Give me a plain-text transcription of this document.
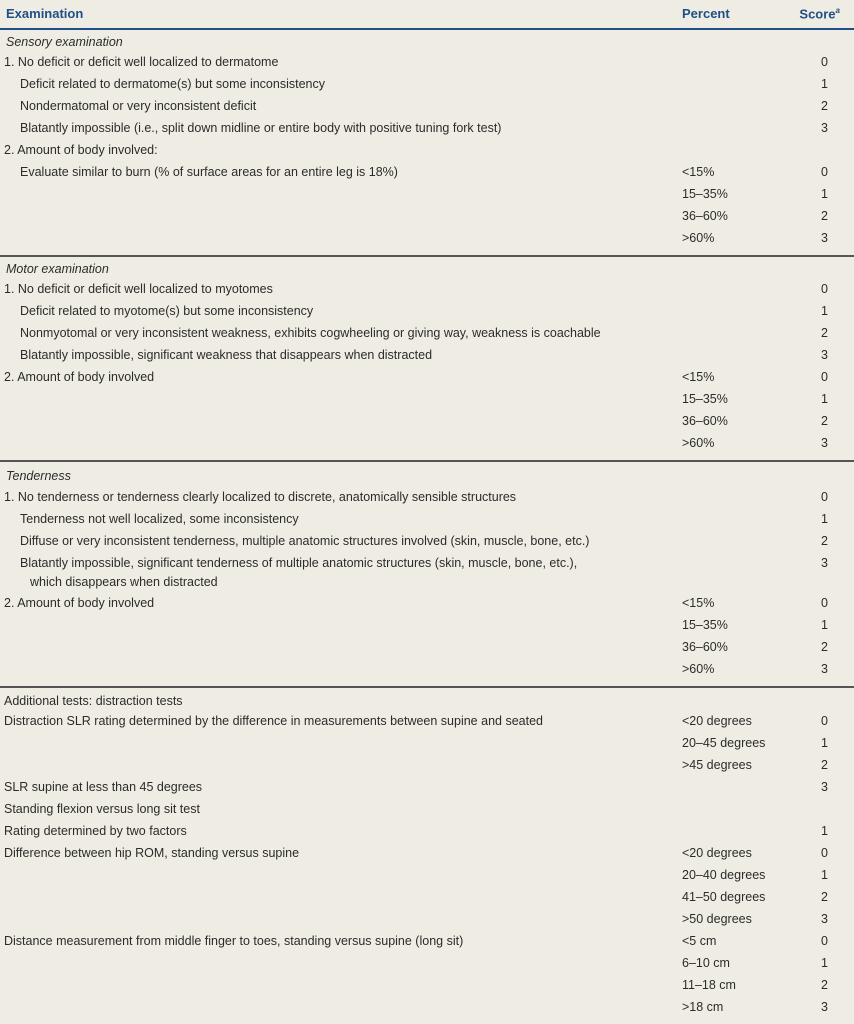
Examination	Percent	Score$^a$
Sensory examination
1. No deficit or deficit well localized to dermatome	0
Deficit related to dermatome(s) but some inconsistency	1
Nondermatomal or very inconsistent deficit	2
Blatantly impossible (i.e., split down midline or entire body with positive tuning fork test)	3
2. Amount of body involved:
Evaluate similar to burn (% of surface areas for an entire leg is 18%)	<15%	0
15–35%	1
36–60%	2
>60%	3
Motor examination
1. No deficit or deficit well localized to myotomes	0
Deficit related to myotome(s) but some inconsistency	1
Nonmyotomal or very inconsistent weakness, exhibits cogwheeling or giving way, weakness is coachable	2
Blatantly impossible, significant weakness that disappears when distracted	3
2. Amount of body involved	<15%	0
15–35%	1
36–60%	2
>60%	3
Tenderness
1. No tenderness or tenderness clearly localized to discrete, anatomically sensible structures	0
Tenderness not well localized, some inconsistency	1
Diffuse or very inconsistent tenderness, multiple anatomic structures involved (skin, muscle, bone, etc.)	2
Blatantly impossible, significant tenderness of multiple anatomic structures (skin, muscle, bone, etc.),
which disappears when distracted
3
2. Amount of body involved	<15%	0
15–35%	1
36–60%	2
>60%	3
Additional tests: distraction tests
Distraction SLR rating determined by the difference in measurements between supine and seated	<20 degrees	0
20–45 degrees	1
>45 degrees	2
SLR supine at less than 45 degrees	3
Standing flexion versus long sit test
Rating determined by two factors	1
Difference between hip ROM, standing versus supine	<20 degrees	0
20–40 degrees	1
41–50 degrees	2
>50 degrees	3
Distance measurement from middle finger to toes, standing versus supine (long sit)	<5 cm	0
6–10 cm	1
11–18 cm	2
>18 cm	3
